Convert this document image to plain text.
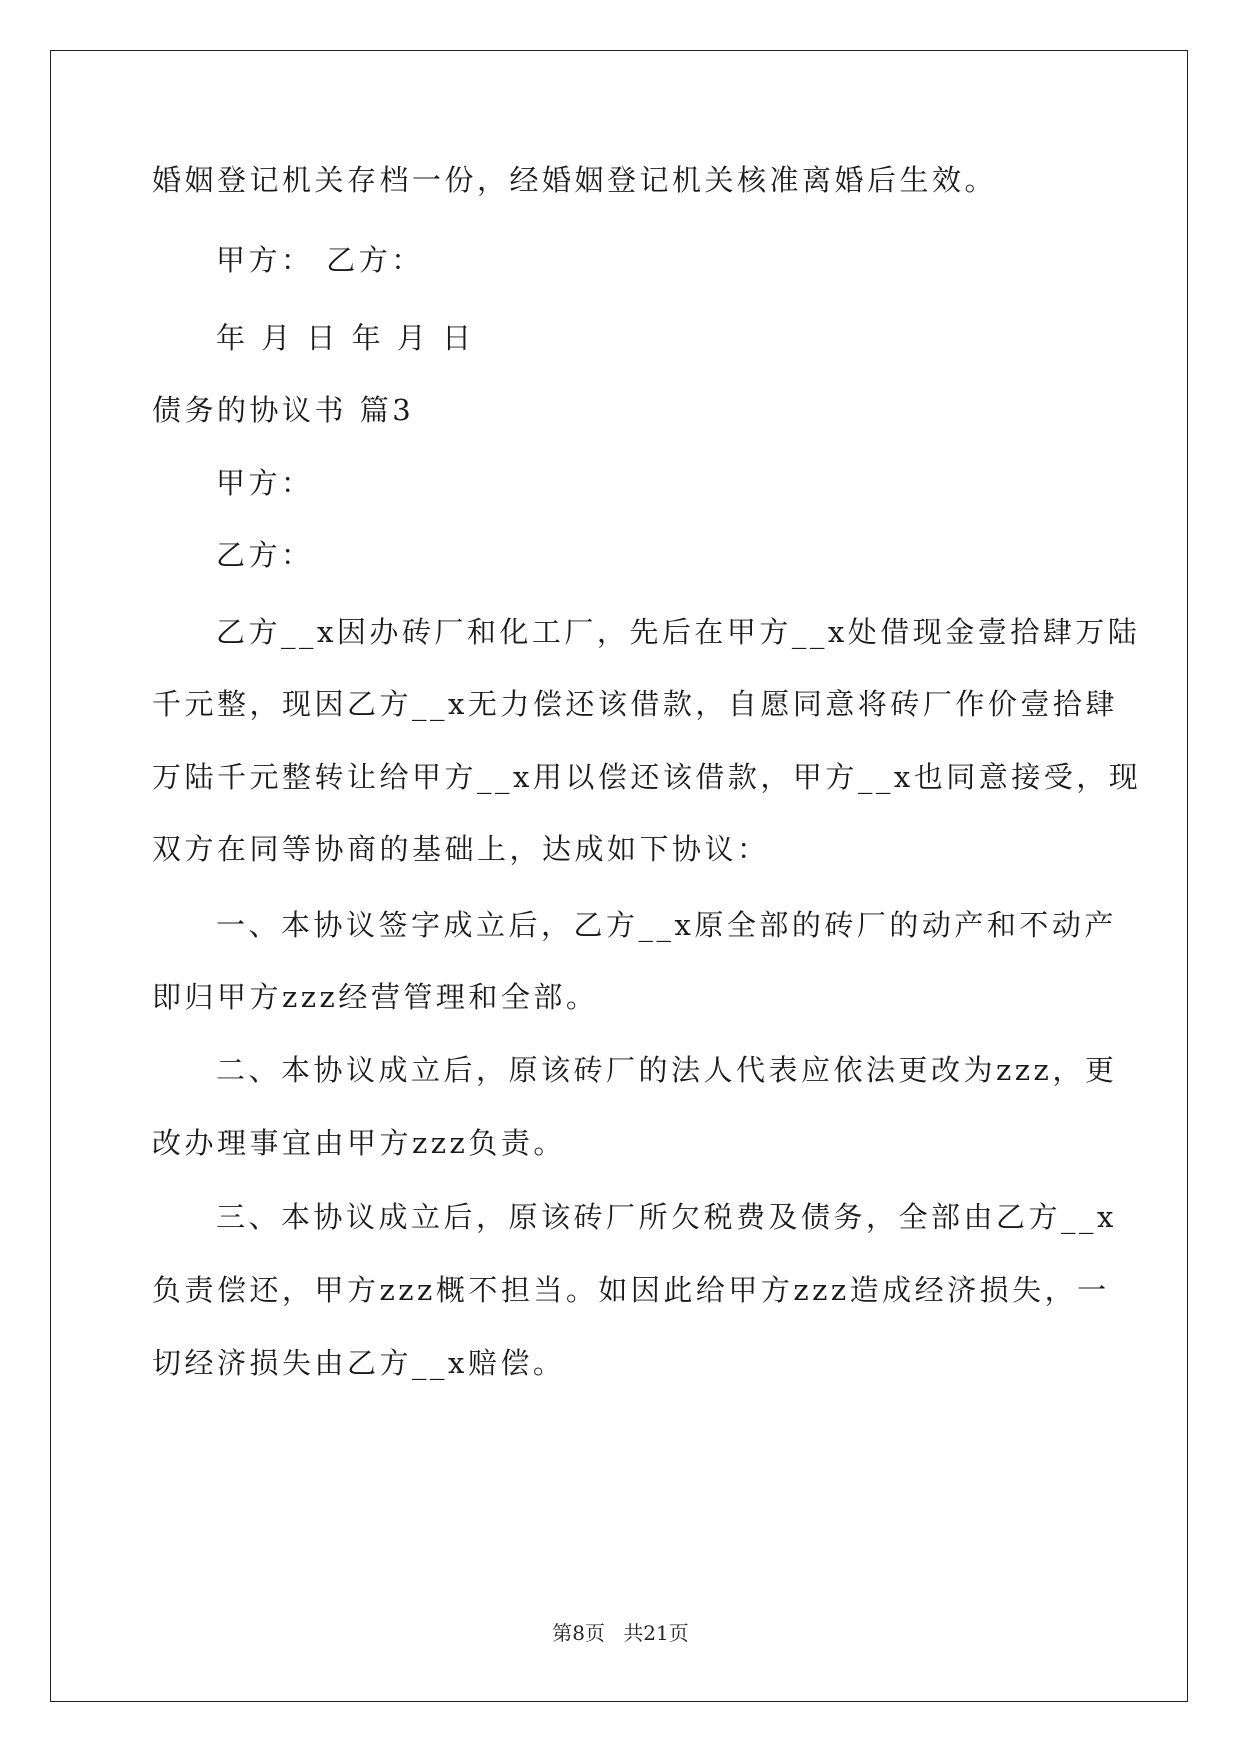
婚姻登记机关存档一份，经婚姻登记机关核准离婚后生效。
甲方： 乙方：
年 月 日 年 月 日
债务的协议书 篇3
甲方：
乙方：
乙方__x因办砖厂和化工厂，先后在甲方__x处借现金壹拾肆万陆
千元整，现因乙方__x无力偿还该借款，自愿同意将砖厂作价壹拾肆
万陆千元整转让给甲方__x用以偿还该借款，甲方__x也同意接受，现
双方在同等协商的基础上，达成如下协议：
一、本协议签字成立后，乙方__x原全部的砖厂的动产和不动产
即归甲方zzz经营管理和全部。
二、本协议成立后，原该砖厂的法人代表应依法更改为zzz，更
改办理事宜由甲方zzz负责。
三、本协议成立后，原该砖厂所欠税费及债务，全部由乙方__x
负责偿还，甲方zzz概不担当。如因此给甲方zzz造成经济损失，一
切经济损失由乙方__x赔偿。
第8页 共21页
